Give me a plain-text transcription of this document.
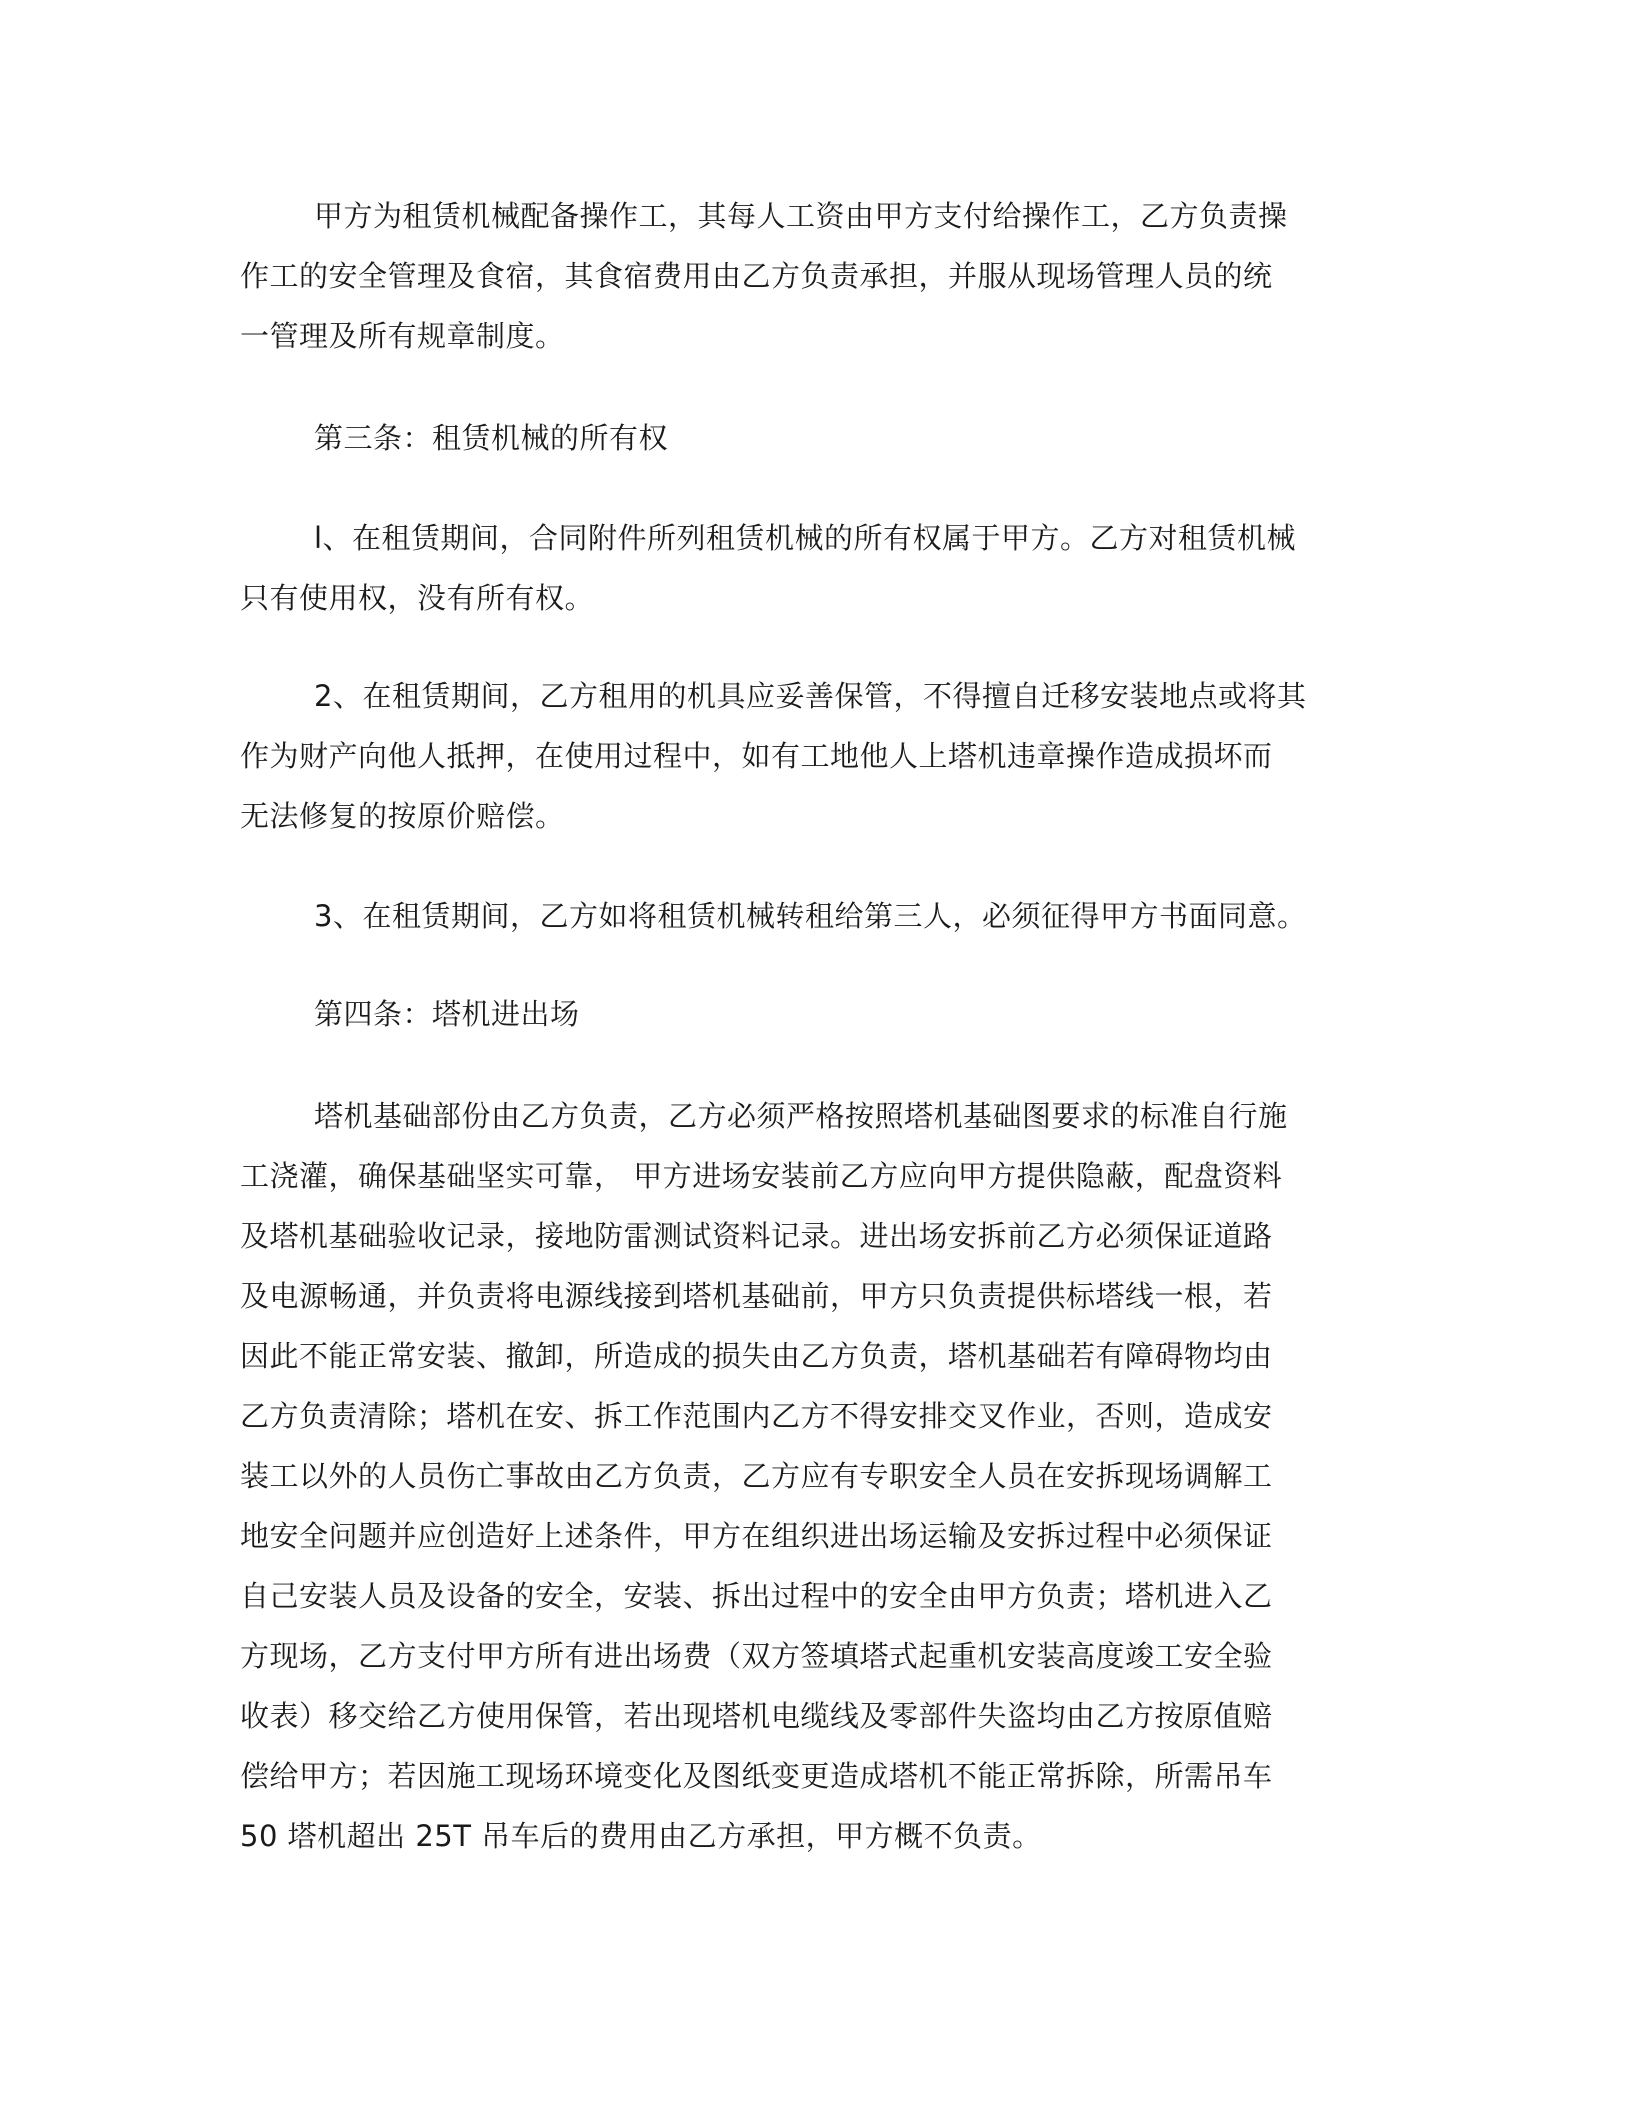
甲方为租赁机械配备操作工，其每人工资由甲方支付给操作工，乙方负责操
作工的安全管理及食宿，其食宿费用由乙方负责承担，并服从现场管理人员的统
一管理及所有规章制度。

第三条：租赁机械的所有权

l、在租赁期间，合同附件所列租赁机械的所有权属于甲方。乙方对租赁机械
只有使用权，没有所有权。

2、在租赁期间，乙方租用的机具应妥善保管，不得擅自迁移安装地点或将其
作为财产向他人抵押，在使用过程中，如有工地他人上塔机违章操作造成损坏而
无法修复的按原价赔偿。

3、在租赁期间，乙方如将租赁机械转租给第三人，必须征得甲方书面同意。

第四条：塔机进出场

塔机基础部份由乙方负责，乙方必须严格按照塔机基础图要求的标准自行施
工浇灌，确保基础坚实可靠， 甲方进场安装前乙方应向甲方提供隐蔽，配盘资料
及塔机基础验收记录，接地防雷测试资料记录。进出场安拆前乙方必须保证道路
及电源畅通，并负责将电源线接到塔机基础前，甲方只负责提供标塔线一根，若
因此不能正常安装、撤卸，所造成的损失由乙方负责，塔机基础若有障碍物均由
乙方负责清除；塔机在安、拆工作范围内乙方不得安排交叉作业，否则，造成安
装工以外的人员伤亡事故由乙方负责，乙方应有专职安全人员在安拆现场调解工
地安全问题并应创造好上述条件，甲方在组织进出场运输及安拆过程中必须保证
自己安装人员及设备的安全，安装、拆出过程中的安全由甲方负责；塔机进入乙
方现场，乙方支付甲方所有进出场费（双方签填塔式起重机安装高度竣工安全验
收表）移交给乙方使用保管，若出现塔机电缆线及零部件失盗均由乙方按原值赔
偿给甲方；若因施工现场环境变化及图纸变更造成塔机不能正常拆除，所需吊车
50 塔机超出 25T 吊车后的费用由乙方承担，甲方概不负责。
